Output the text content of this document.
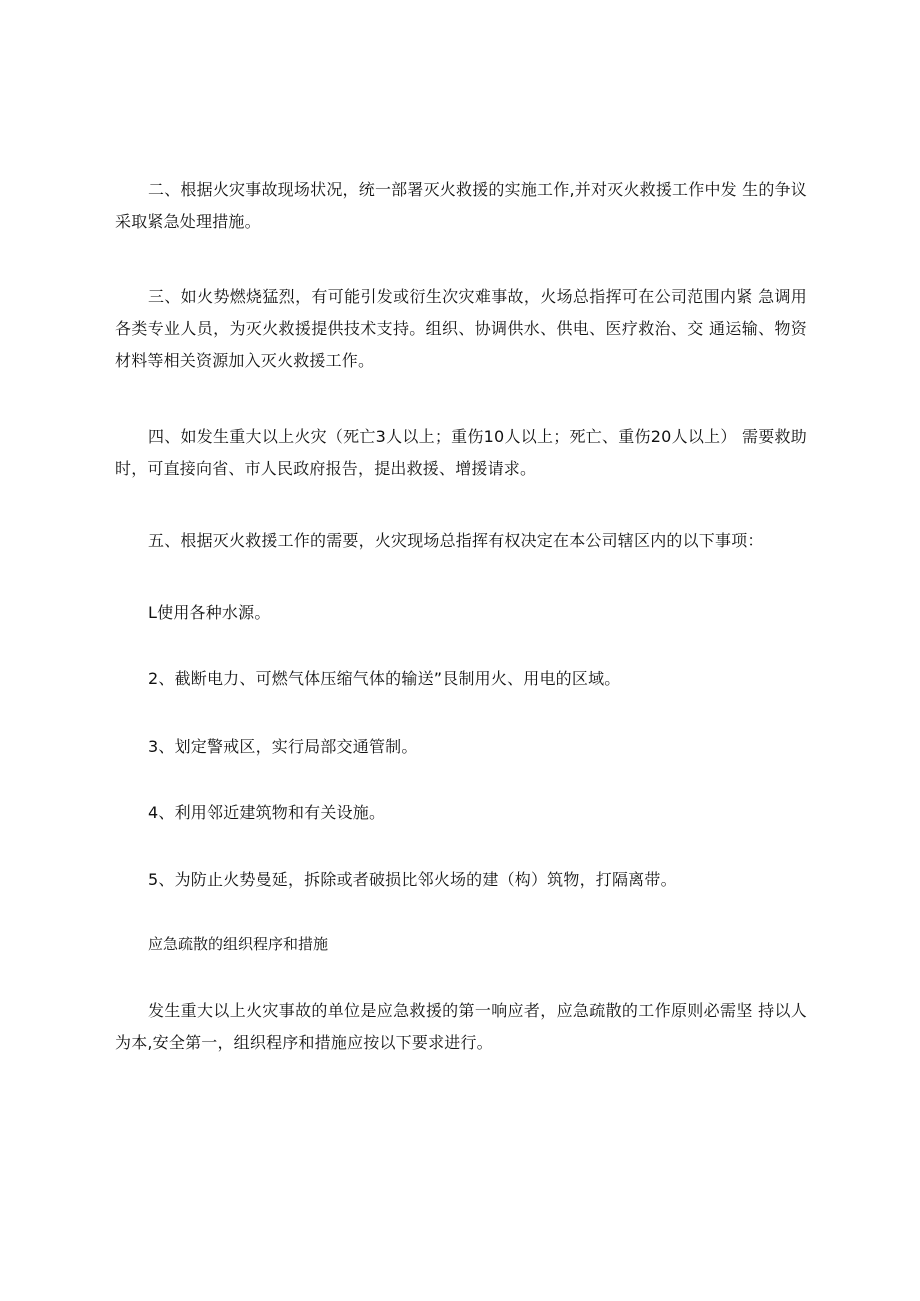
二、根据火灾事故现场状况，统一部署灭火救援的实施工作,并对灭火救援工作中发 生的争议采取紧急处理措施。

三、如火势燃烧猛烈，有可能引发或衍生次灾难事故，火场总指挥可在公司范围内紧 急调用各类专业人员，为灭火救援提供技术支持。组织、协调供水、供电、医疗救治、交 通运输、物资材料等相关资源加入灭火救援工作。

四、如发生重大以上火灾（死亡3人以上；重伤10人以上；死亡、重伤20人以上） 需要救助时，可直接向省、市人民政府报告，提出救援、增援请求。

五、根据灭火救援工作的需要，火灾现场总指挥有权决定在本公司辖区内的以下事项：

L使用各种水源。

2、截断电力、可燃气体压缩气体的输送”艮制用火、用电的区域。

3、划定警戒区，实行局部交通管制。

4、利用邻近建筑物和有关设施。

5、为防止火势曼延，拆除或者破损比邻火场的建（构）筑物，打隔离带。

应急疏散的组织程序和措施

发生重大以上火灾事故的单位是应急救援的第一响应者，应急疏散的工作原则必需坚 持以人为本,安全第一，组织程序和措施应按以下要求进行。
